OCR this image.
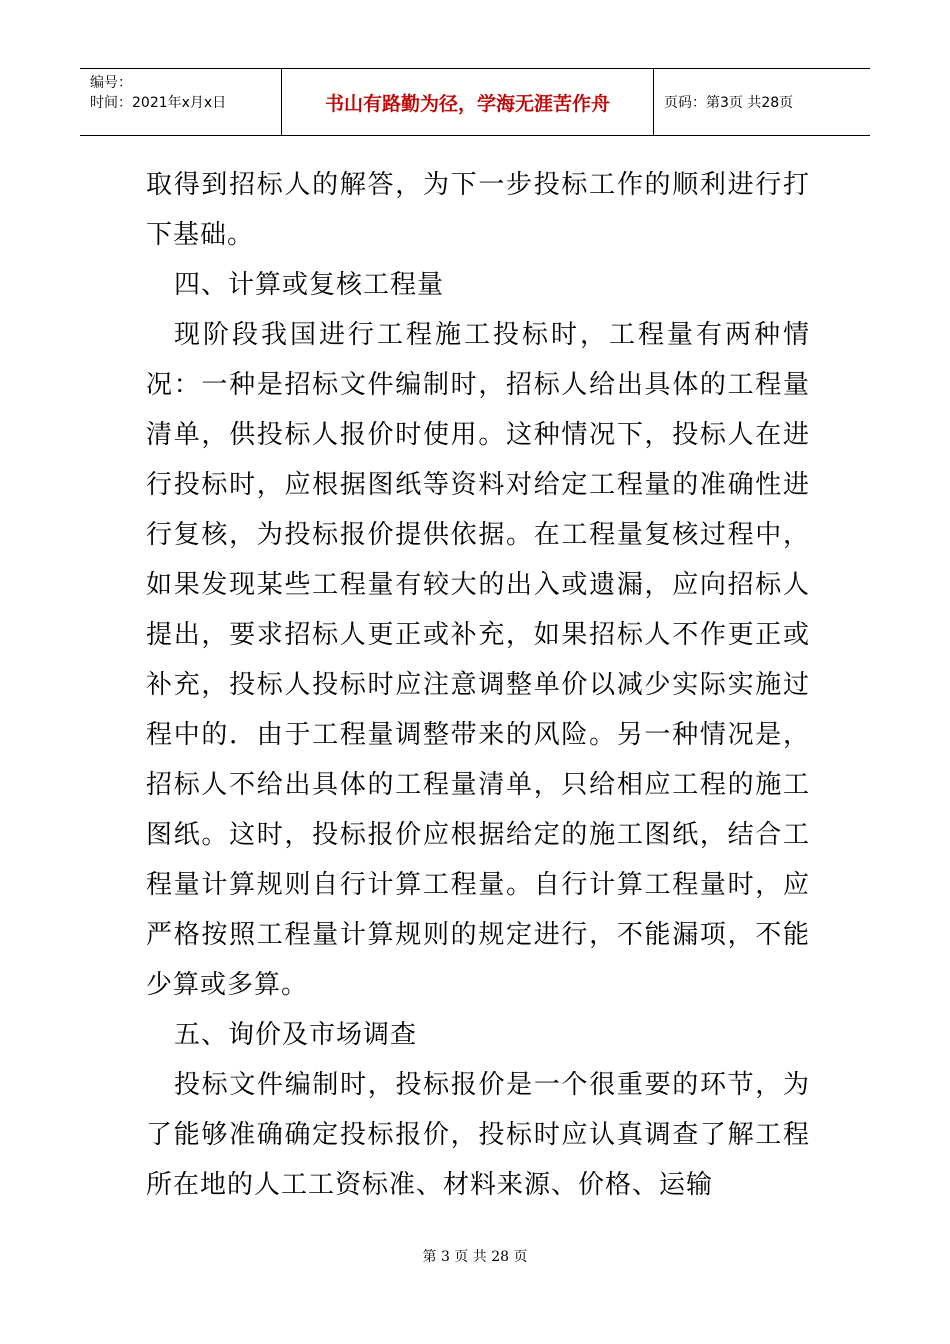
编号：
时间：2021年x月x日	书山有路勤为径，学海无涯苦作舟	页码：第3页 共28页

取得到招标人的解答，为下一步投标工作的顺利进行打下基础。

四、计算或复核工程量

现阶段我国进行工程施工投标时，工程量有两种情况：一种是招标文件编制时，招标人给出具体的工程量清单，供投标人报价时使用。这种情况下，投标人在进行投标时，应根据图纸等资料对给定工程量的准确性进行复核，为投标报价提供依据。在工程量复核过程中，如果发现某些工程量有较大的出入或遗漏，应向招标人提出，要求招标人更正或补充，如果招标人不作更正或补充，投标人投标时应注意调整单价以减少实际实施过程中的．由于工程量调整带来的风险。另一种情况是，招标人不给出具体的工程量清单，只给相应工程的施工图纸。这时，投标报价应根据给定的施工图纸，结合工程量计算规则自行计算工程量。自行计算工程量时，应严格按照工程量计算规则的规定进行，不能漏项，不能少算或多算。

五、询价及市场调查

投标文件编制时，投标报价是一个很重要的环节，为了能够准确确定投标报价，投标时应认真调查了解工程所在地的人工工资标准、材料来源、价格、运输

第 3 页 共 28 页
